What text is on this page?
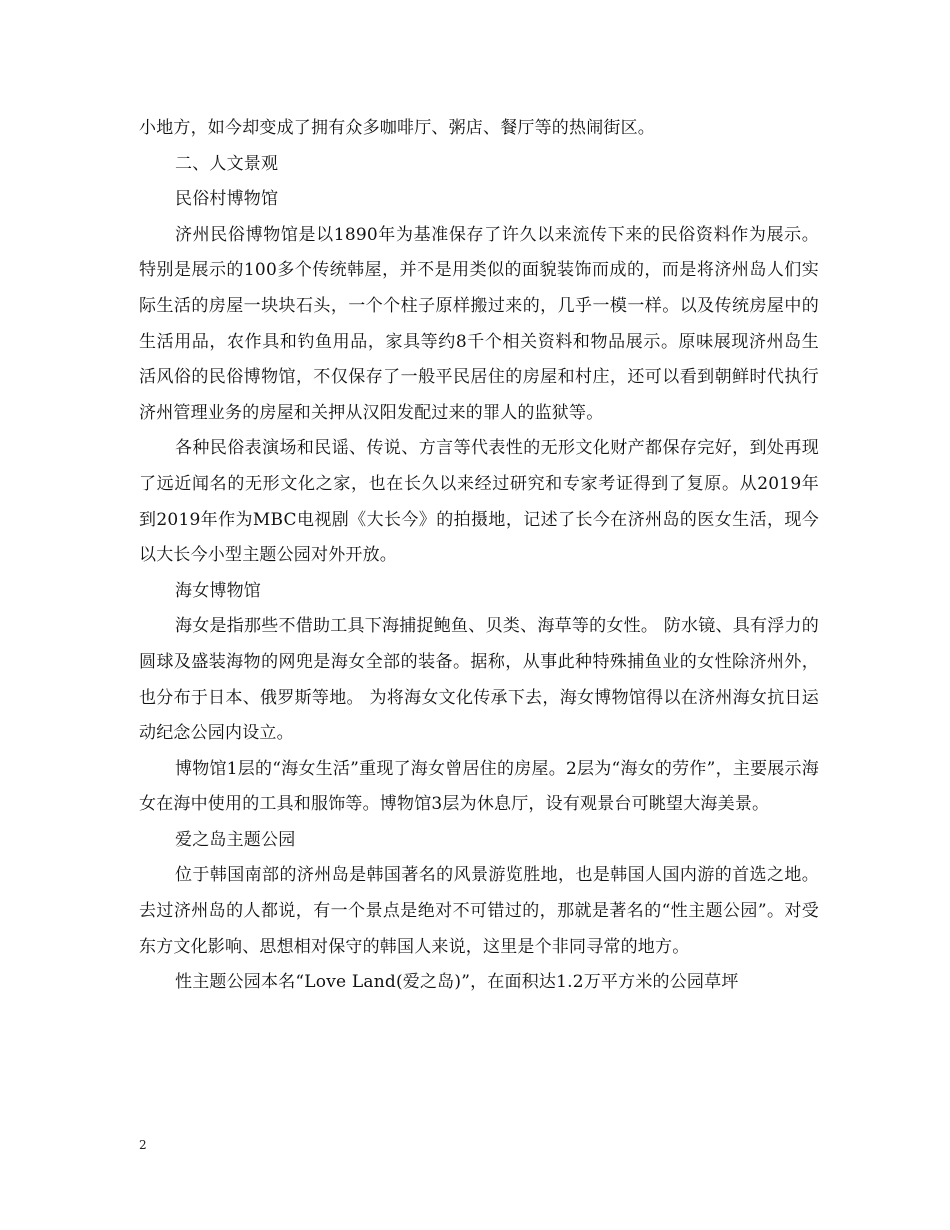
小地方，如今却变成了拥有众多咖啡厅、粥店、餐厅等的热闹街区。

二、人文景观

民俗村博物馆

济州民俗博物馆是以1890年为基准保存了许久以来流传下来的民俗资料作为展示。特别是展示的100多个传统韩屋，并不是用类似的面貌装饰而成的，而是将济州岛人们实际生活的房屋一块块石头，一个个柱子原样搬过来的，几乎一模一样。以及传统房屋中的生活用品，农作具和钓鱼用品，家具等约8千个相关资料和物品展示。原味展现济州岛生活风俗的民俗博物馆，不仅保存了一般平民居住的房屋和村庄，还可以看到朝鲜时代执行济州管理业务的房屋和关押从汉阳发配过来的罪人的监狱等。

各种民俗表演场和民谣、传说、方言等代表性的无形文化财产都保存完好，到处再现了远近闻名的无形文化之家，也在长久以来经过研究和专家考证得到了复原。从2019年到2019年作为MBC电视剧《大长今》的拍摄地，记述了长今在济州岛的医女生活，现今以大长今小型主题公园对外开放。

海女博物馆

海女是指那些不借助工具下海捕捉鲍鱼、贝类、海草等的女性。 防水镜、具有浮力的圆球及盛装海物的网兜是海女全部的装备。据称，从事此种特殊捕鱼业的女性除济州外，也分布于日本、俄罗斯等地。 为将海女文化传承下去，海女博物馆得以在济州海女抗日运动纪念公园内设立。

博物馆1层的“海女生活”重现了海女曾居住的房屋。2层为“海女的劳作”，主要展示海女在海中使用的工具和服饰等。博物馆3层为休息厅，设有观景台可眺望大海美景。

爱之岛主题公园

位于韩国南部的济州岛是韩国著名的风景游览胜地，也是韩国人国内游的首选之地。去过济州岛的人都说，有一个景点是绝对不可错过的，那就是著名的“性主题公园”。对受东方文化影响、思想相对保守的韩国人来说，这里是个非同寻常的地方。

性主题公园本名“Love Land(爱之岛)”，在面积达1.2万平方米的公园草坪

2
